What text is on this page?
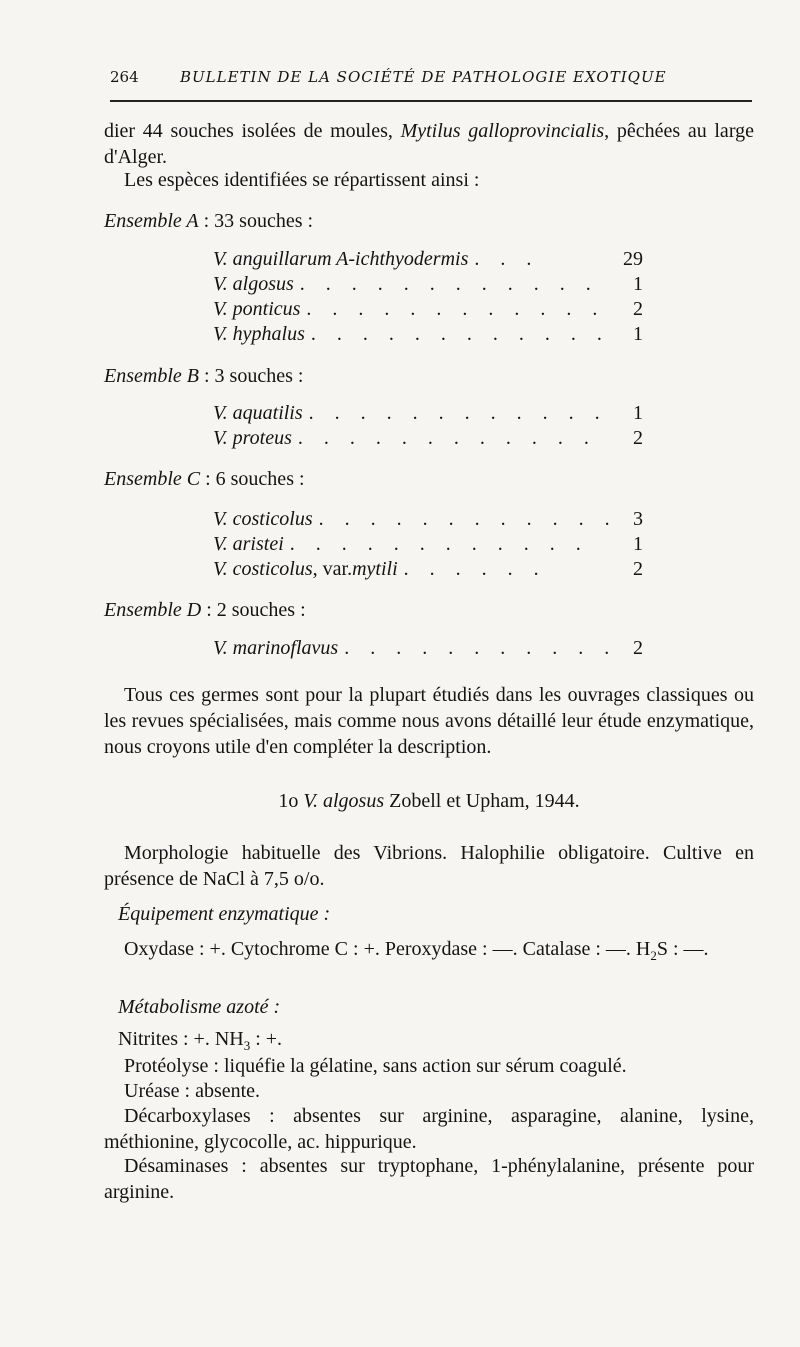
264	BULLETIN DE LA SOCIÉTÉ DE PATHOLOGIE EXOTIQUE
dier 44 souches isolées de moules, Mytilus galloprovincialis, pêchées au large d'Alger.
Les espèces identifiées se répartissent ainsi :
Ensemble A : 33 souches :
V. anguillarum A-ichthyodermis . . .	29
V. algosus . . . . . . . . . . . .	1
V. ponticus . . . . . . . . . . . .	2
V. hyphalus . . . . . . . . . . . .	1
Ensemble B : 3 souches :
V. aquatilis . . . . . . . . . . . .	1
V. proteus . . . . . . . . . . . .	2
Ensemble C : 6 souches :
V. costicolus . . . . . . . . . . . . 3
V. aristei . . . . . . . . . . . .	1
V. costicolus , var. mytili . . . . . .	2
Ensemble D : 2 souches :
V. marinoflavus . . . . . . . . . . . 2
Tous ces germes sont pour la plupart étudiés dans les ouvrages classiques ou les revues spécialisées, mais comme nous avons détaillé leur étude enzymatique, nous croyons utile d'en compléter la description.
1o V. algosus Zobell et Upham, 1944.
Morphologie habituelle des Vibrions. Halophilie obligatoire. Cultive en présence de NaCl à 7,5 o/o.
Équipement enzymatique :
Oxydase : +. Cytochrome C : +. Peroxydase : —. Catalase : —. $H_2S$ : —.
Métabolisme azoté :
Nitrites : +. $NH_3$ : +.
Protéolyse : liquéfie la gélatine, sans action sur sérum coagulé.
Uréase : absente.
Décarboxylases : absentes sur arginine, asparagine, alanine, lysine, méthionine, glycocolle, ac. hippurique.
Désaminases : absentes sur tryptophane, 1-phénylalanine, présente pour arginine.
